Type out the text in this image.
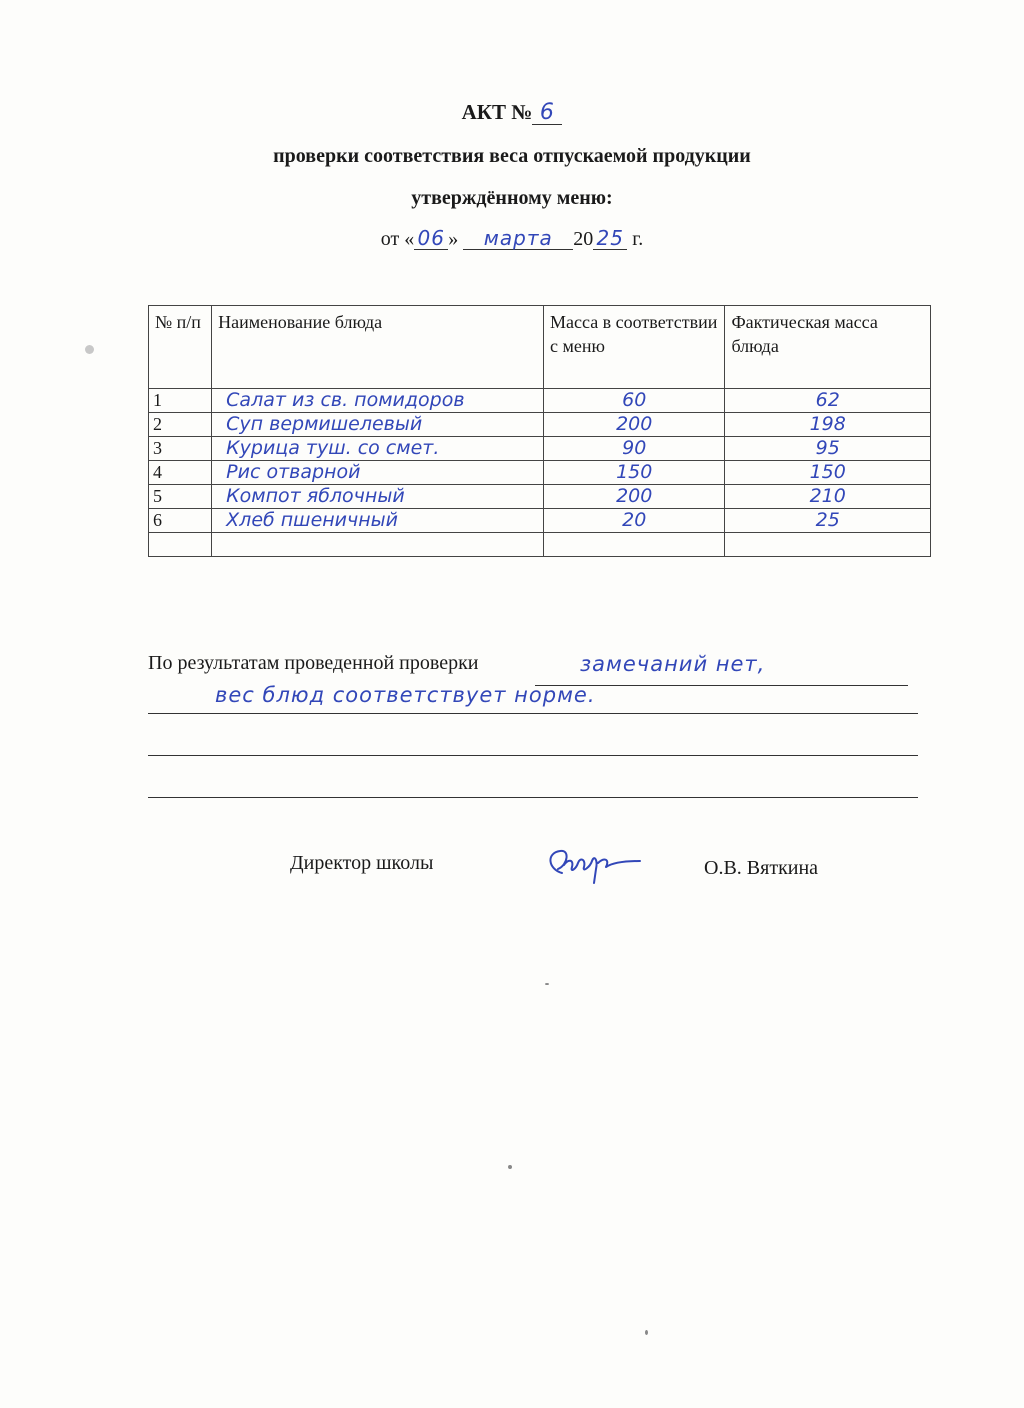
АКТ № 6
проверки соответствия веса отпускаемой продукции
утверждённому меню:
от « 06 » марта 20 25 г.
№ п/п	Наименование блюда	Масса в соответствии с меню	Фактическая масса блюда
1	Салат из св. помидоров	60	62
2	Суп вермишелевый	200	198
3	Курица туш. со смет.	90	95
4	Рис отварной	150	150
5	Компот яблочный	200	210
6	Хлеб пшеничный	20	25

По результатам проведенной проверки	замечаний нет,
вес блюд соответствует норме.
Директор школы	О.В. Вяткина
